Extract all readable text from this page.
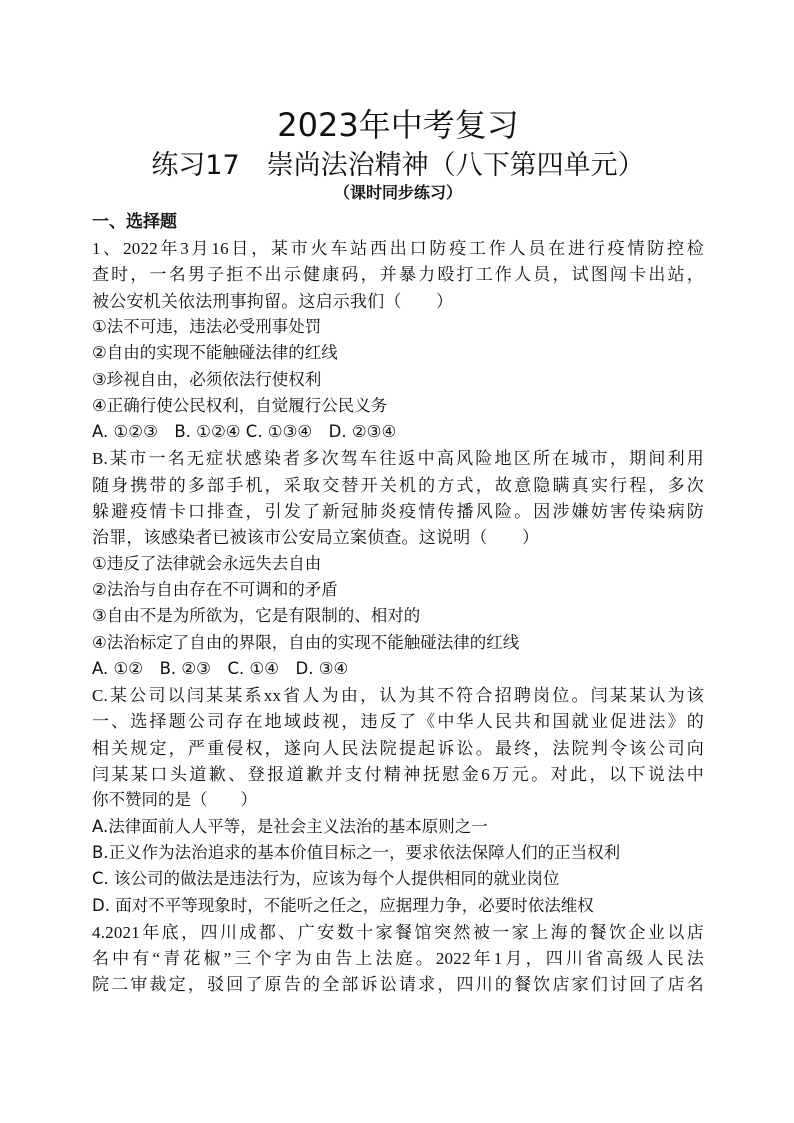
2023年中考复习
练习17　崇尚法治精神（八下第四单元）
（课时同步练习）
一、选择题
1、2022年3月16日，某市火车站西出口防疫工作人员在进行疫情防控检
查时，一名男子拒不出示健康码，并暴力殴打工作人员，试图闯卡出站，
被公安机关依法刑事拘留。这启示我们（　　）
①法不可违，违法必受刑事处罚
②自由的实现不能触碰法律的红线
③珍视自由，必须依法行使权利
④正确行使公民权利，自觉履行公民义务
A. ①②③　B. ①②④ C. ①③④　D. ②③④
B.某市一名无症状感染者多次驾车往返中高风险地区所在城市，期间利用
随身携带的多部手机，采取交替开关机的方式，故意隐瞒真实行程，多次
躲避疫情卡口排查，引发了新冠肺炎疫情传播风险。因涉嫌妨害传染病防
治罪，该感染者已被该市公安局立案侦查。这说明（　　）
①违反了法律就会永远失去自由
②法治与自由存在不可调和的矛盾
③自由不是为所欲为，它是有限制的、相对的
④法治标定了自由的界限，自由的实现不能触碰法律的红线
A. ①②　B. ②③　C. ①④　D. ③④
C.某公司以闫某某系xx省人为由，认为其不符合招聘岗位。闫某某认为该
一、选择题公司存在地域歧视，违反了《中华人民共和国就业促进法》的
相关规定，严重侵权，遂向人民法院提起诉讼。最终，法院判令该公司向
闫某某口头道歉、登报道歉并支付精神抚慰金6万元。对此，以下说法中
你不赞同的是（　　）
A.法律面前人人平等，是社会主义法治的基本原则之一
B.正义作为法治追求的基本价值目标之一，要求依法保障人们的正当权利
C. 该公司的做法是违法行为，应该为每个人提供相同的就业岗位
D. 面对不平等现象时，不能听之任之，应据理力争，必要时依法维权
4.2021年底，四川成都、广安数十家餐馆突然被一家上海的餐饮企业以店
名中有“青花椒”三个字为由告上法庭。2022年1月，四川省高级人民法
院二审裁定，驳回了原告的全部诉讼请求，四川的餐饮店家们讨回了店名
